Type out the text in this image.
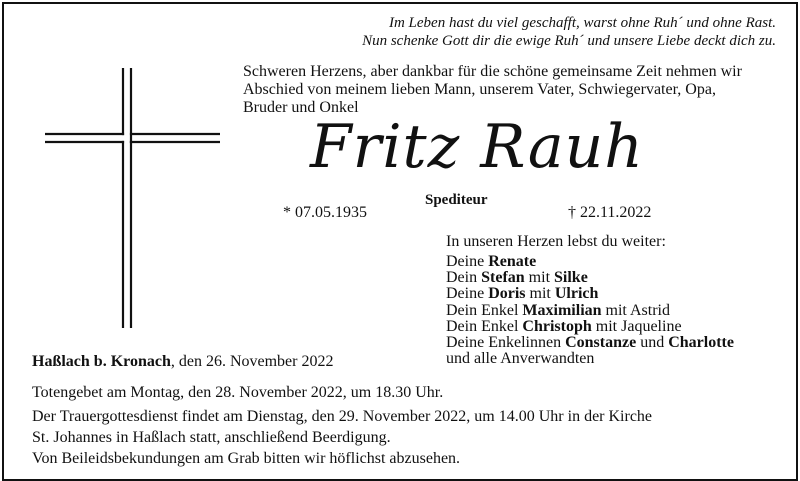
Im Leben hast du viel geschafft, warst ohne Ruh´ und ohne Rast.
Nun schenke Gott dir die ewige Ruh´ und unsere Liebe deckt dich zu.
Schweren Herzens, aber dankbar für die schöne gemeinsame Zeit nehmen wir
Abschied von meinem lieben Mann, unserem Vater, Schwiegervater, Opa,
Bruder und Onkel
Fritz Rauh
Spediteur
* 07.05.1935	† 22.11.2022
In unseren Herzen lebst du weiter:
Deine Renate
Dein Stefan mit Silke
Deine Doris mit Ulrich
Dein Enkel Maximilian mit Astrid
Dein Enkel Christoph mit Jaqueline
Deine Enkelinnen Constanze und Charlotte
und alle Anverwandten
Haßlach b. Kronach, den 26. November 2022
Totengebet am Montag, den 28. November 2022, um 18.30 Uhr.
Der Trauergottesdienst findet am Dienstag, den 29. November 2022, um 14.00 Uhr in der Kirche
St. Johannes in Haßlach statt, anschließend Beerdigung.
Von Beileidsbekundungen am Grab bitten wir höflichst abzusehen.
